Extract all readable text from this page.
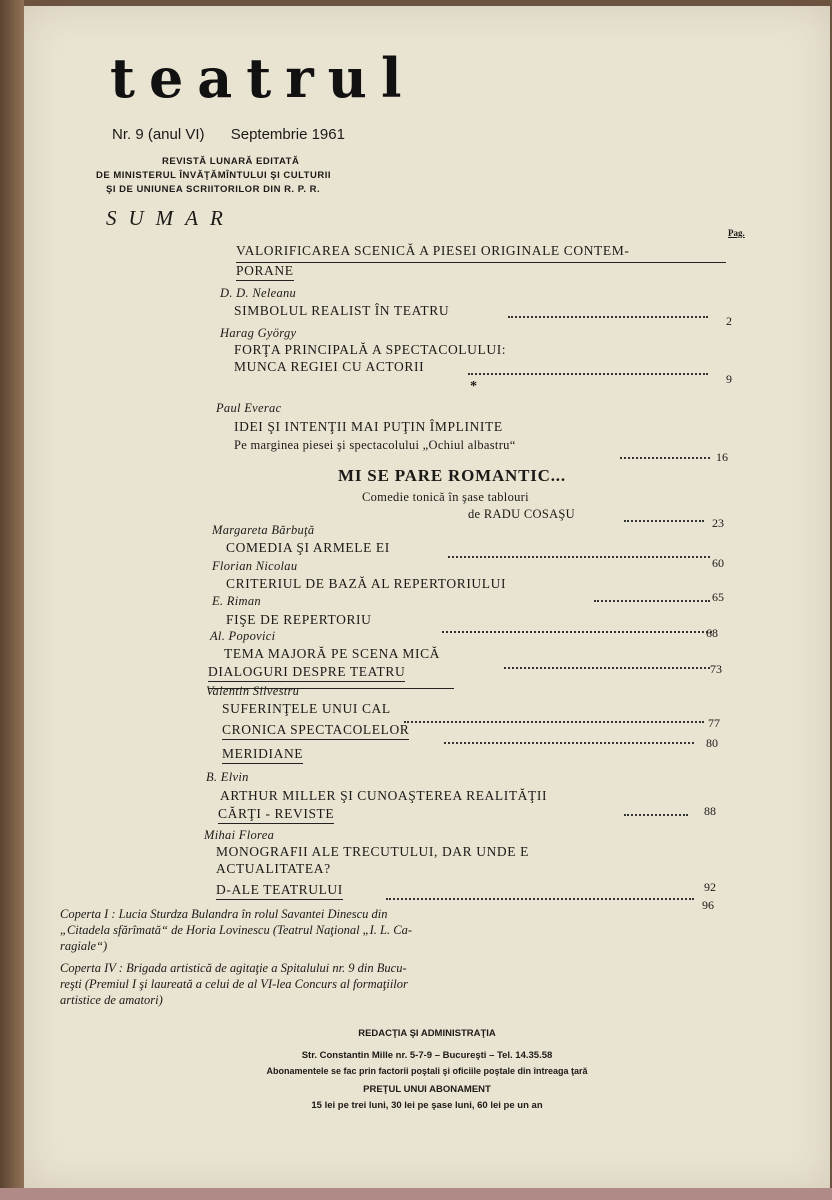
teatrul
Nr. 9 (anul VI) Septembrie 1961
REVISTĂ LUNARĂ EDITATĂ
DE MINISTERUL ÎNVĂŢĂMÎNTULUI ŞI CULTURII
ŞI DE UNIUNEA SCRIITORILOR DIN R. P. R.
SUMAR
Pag.
VALORIFICAREA SCENICĂ A PIESEI ORIGINALE CONTEM-
PORANE
D. D. Neleanu
SIMBOLUL REALIST ÎN TEATRU
2
Harag György
FORŢA PRINCIPALĂ A SPECTACOLULUI:
MUNCA REGIEI CU ACTORII
9
*
Paul Everac
IDEI ŞI INTENŢII MAI PUŢIN ÎMPLINITE
Pe marginea piesei şi spectacolului „Ochiul albastru“
16
MI SE PARE ROMANTIC...
Comedie tonică în şase tablouri
de RADU COSAŞU
23
Margareta Bărbuţă
COMEDIA ŞI ARMELE EI
60
Florian Nicolau
CRITERIUL DE BAZĂ AL REPERTORIULUI
65
E. Riman
FIŞE DE REPERTORIU
68
Al. Popovici
TEMA MAJORĂ PE SCENA MICĂ
73
DIALOGURI DESPRE TEATRU
Valentin Silvestru
SUFERINŢELE UNUI CAL
77
CRONICA SPECTACOLELOR
80
MERIDIANE
B. Elvin
ARTHUR MILLER ŞI CUNOAŞTEREA REALITĂŢII
88
CĂRŢI - REVISTE
Mihai Florea
MONOGRAFII ALE TRECUTULUI, DAR UNDE E
ACTUALITATEA?
92
D-ALE TEATRULUI
96
Coperta I : Lucia Sturdza Bulandra în rolul Savantei Dinescu din
„Citadela sfărîmată“ de Horia Lovinescu (Teatrul Naţional „I. L. Ca-
ragiale“)
Coperta IV : Brigada artistică de agitaţie a Spitalului nr. 9 din Bucu-
reşti (Premiul I şi laureată a celui de al VI-lea Concurs al formaţiilor
artistice de amatori)
REDACŢIA ŞI ADMINISTRAŢIA
Str. Constantin Mille nr. 5-7-9 – Bucureşti – Tel. 14.35.58
Abonamentele se fac prin factorii poştali şi oficiile poştale din întreaga ţară
PREŢUL UNUI ABONAMENT
15 lei pe trei luni, 30 lei pe şase luni, 60 lei pe un an
